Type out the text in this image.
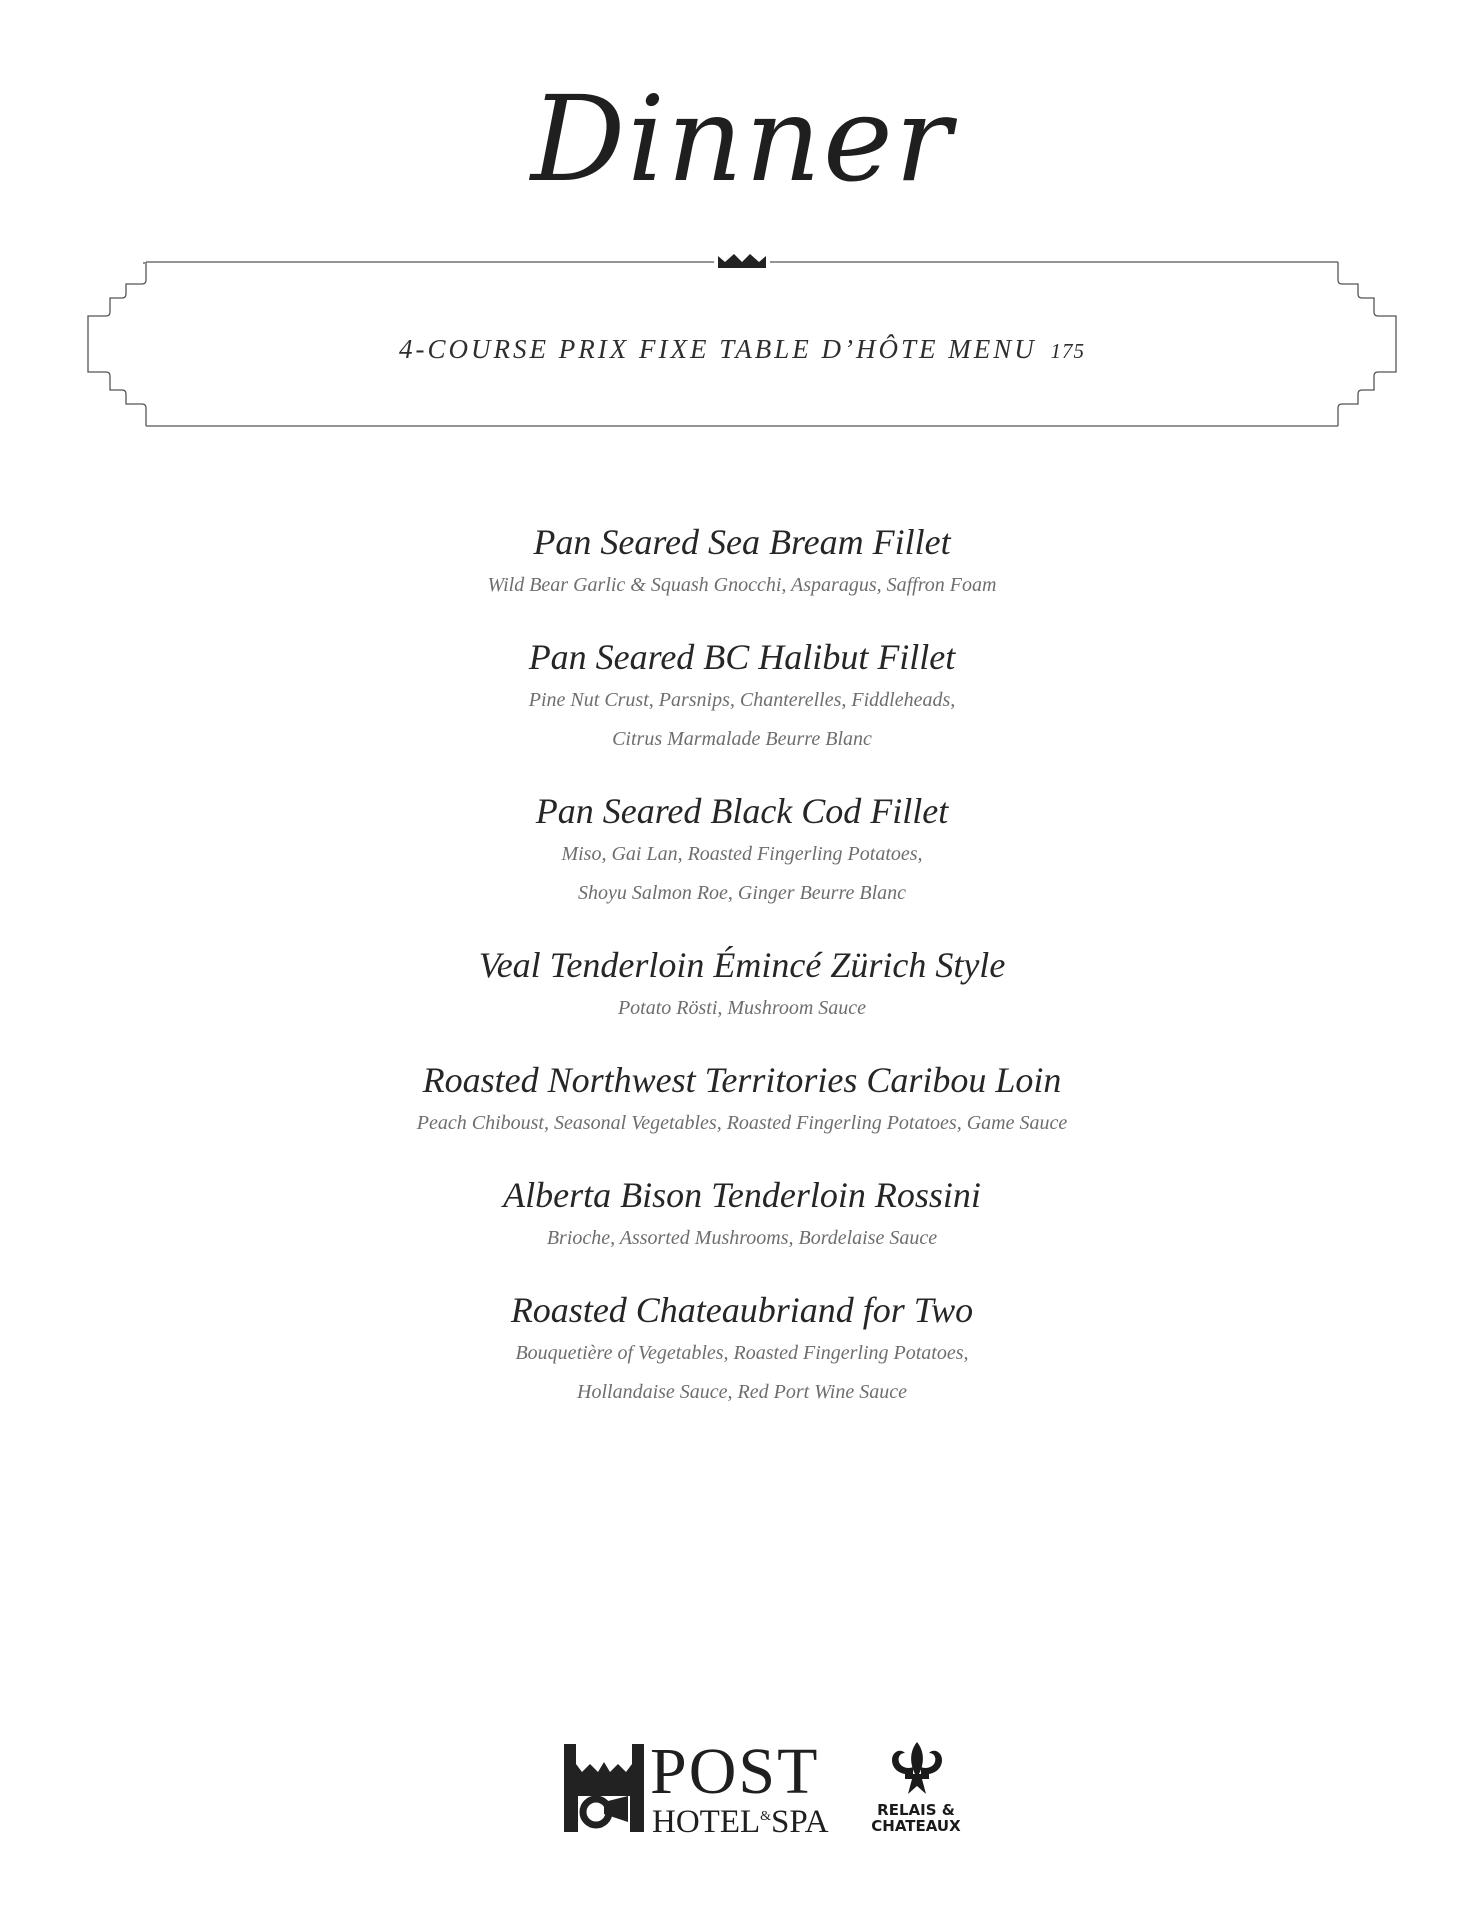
Dinner
4-COURSE PRIX FIXE TABLE D’HÔTE MENU 175
Pan Seared Sea Bream Fillet
Wild Bear Garlic & Squash Gnocchi, Asparagus, Saffron Foam
Pan Seared BC Halibut Fillet
Pine Nut Crust, Parsnips, Chanterelles, Fiddleheads,
Citrus Marmalade Beurre Blanc
Pan Seared Black Cod Fillet
Miso, Gai Lan, Roasted Fingerling Potatoes,
Shoyu Salmon Roe, Ginger Beurre Blanc
Veal Tenderloin Émincé Zürich Style
Potato Rösti, Mushroom Sauce
Roasted Northwest Territories Caribou Loin
Peach Chiboust, Seasonal Vegetables, Roasted Fingerling Potatoes, Game Sauce
Alberta Bison Tenderloin Rossini
Brioche, Assorted Mushrooms, Bordelaise Sauce
Roasted Chateaubriand for Two
Bouquetière of Vegetables, Roasted Fingerling Potatoes,
Hollandaise Sauce, Red Port Wine Sauce
POST
HOTEL&SPA	RELAIS &
CHATEAUX
